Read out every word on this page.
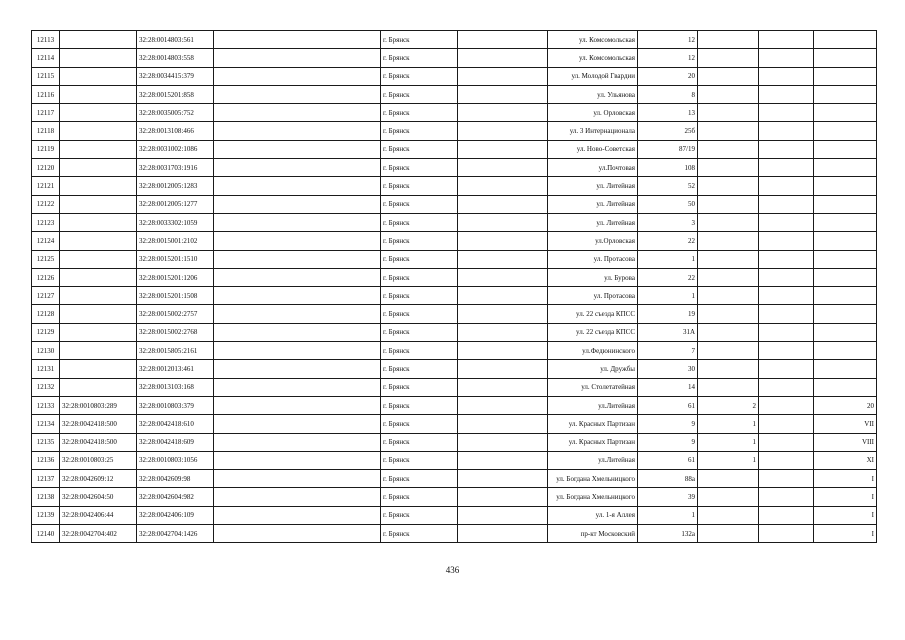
12113		32:28:0014803:561		г. Брянск		ул. Комсомольская	12			
12114		32:28:0014803:558		г. Брянск		ул. Комсомольская	12			
12115		32:28:0034415:379		г. Брянск		ул. Молодой Гвардии	20			
12116		32:28:0015201:858		г. Брянск		ул. Ульянова	8			
12117		32:28:0035005:752		г. Брянск		ул. Орловская	13			
12118		32:28:0013108:466		г. Брянск		ул. 3 Интернационала	25б			
12119		32:28:0031002:1086		г. Брянск		ул. Ново-Советская	87/19			
12120		32:28:0031703:1916		г. Брянск		ул.Почтовая	108			
12121		32:28:0012005:1283		г. Брянск		ул. Литейная	52			
12122		32:28:0012005:1277		г. Брянск		ул. Литейная	50			
12123		32:28:0033302:1059		г. Брянск		ул. Литейная	3			
12124		32:28:0015001:2102		г. Брянск		ул.Орловская	22			
12125		32:28:0015201:1510		г. Брянск		ул. Протасова	1			
12126		32:28:0015201:1206		г. Брянск		ул. Бурова	22			
12127		32:28:0015201:1508		г. Брянск		ул. Протасова	1			
12128		32:28:0015002:2757		г. Брянск		ул. 22 съезда КПСС	19			
12129		32:28:0015002:2768		г. Брянск		ул. 22 съезда КПСС	31А			
12130		32:28:0015805:2161		г. Брянск		ул.Федюнинского	7			
12131		32:28:0012013:461		г. Брянск		ул. Дружбы	30			
12132		32:28:0013103:168		г. Брянск		ул. Столетатейная	14			
12133	32:28:0010803:289	32:28:0010803:379		г. Брянск		ул.Литейная	61	2		20
12134	32:28:0042418:500	32:28:0042418:610		г. Брянск		ул. Красных Партизан	9	1		VII
12135	32:28:0042418:500	32:28:0042418:609		г. Брянск		ул. Красных Партизан	9	1		VIII
12136	32:28:0010803:25	32:28:0010803:1056		г. Брянск		ул.Литейная	61	1		XI
12137	32:28:0042609:12	32:28:0042609:98		г. Брянск		ул. Богдана Хмельницкого	88а			I
12138	32:28:0042604:50	32:28:0042604:982		г. Брянск		ул. Богдана Хмельницкого	39			I
12139	32:28:0042406:44	32:28:0042406:109		г. Брянск		ул. 1-я Аллея	1			I
12140	32:28:0042704:402	32:28:0042704:1426		г. Брянск		пр-кт Московский	132а			I
436
